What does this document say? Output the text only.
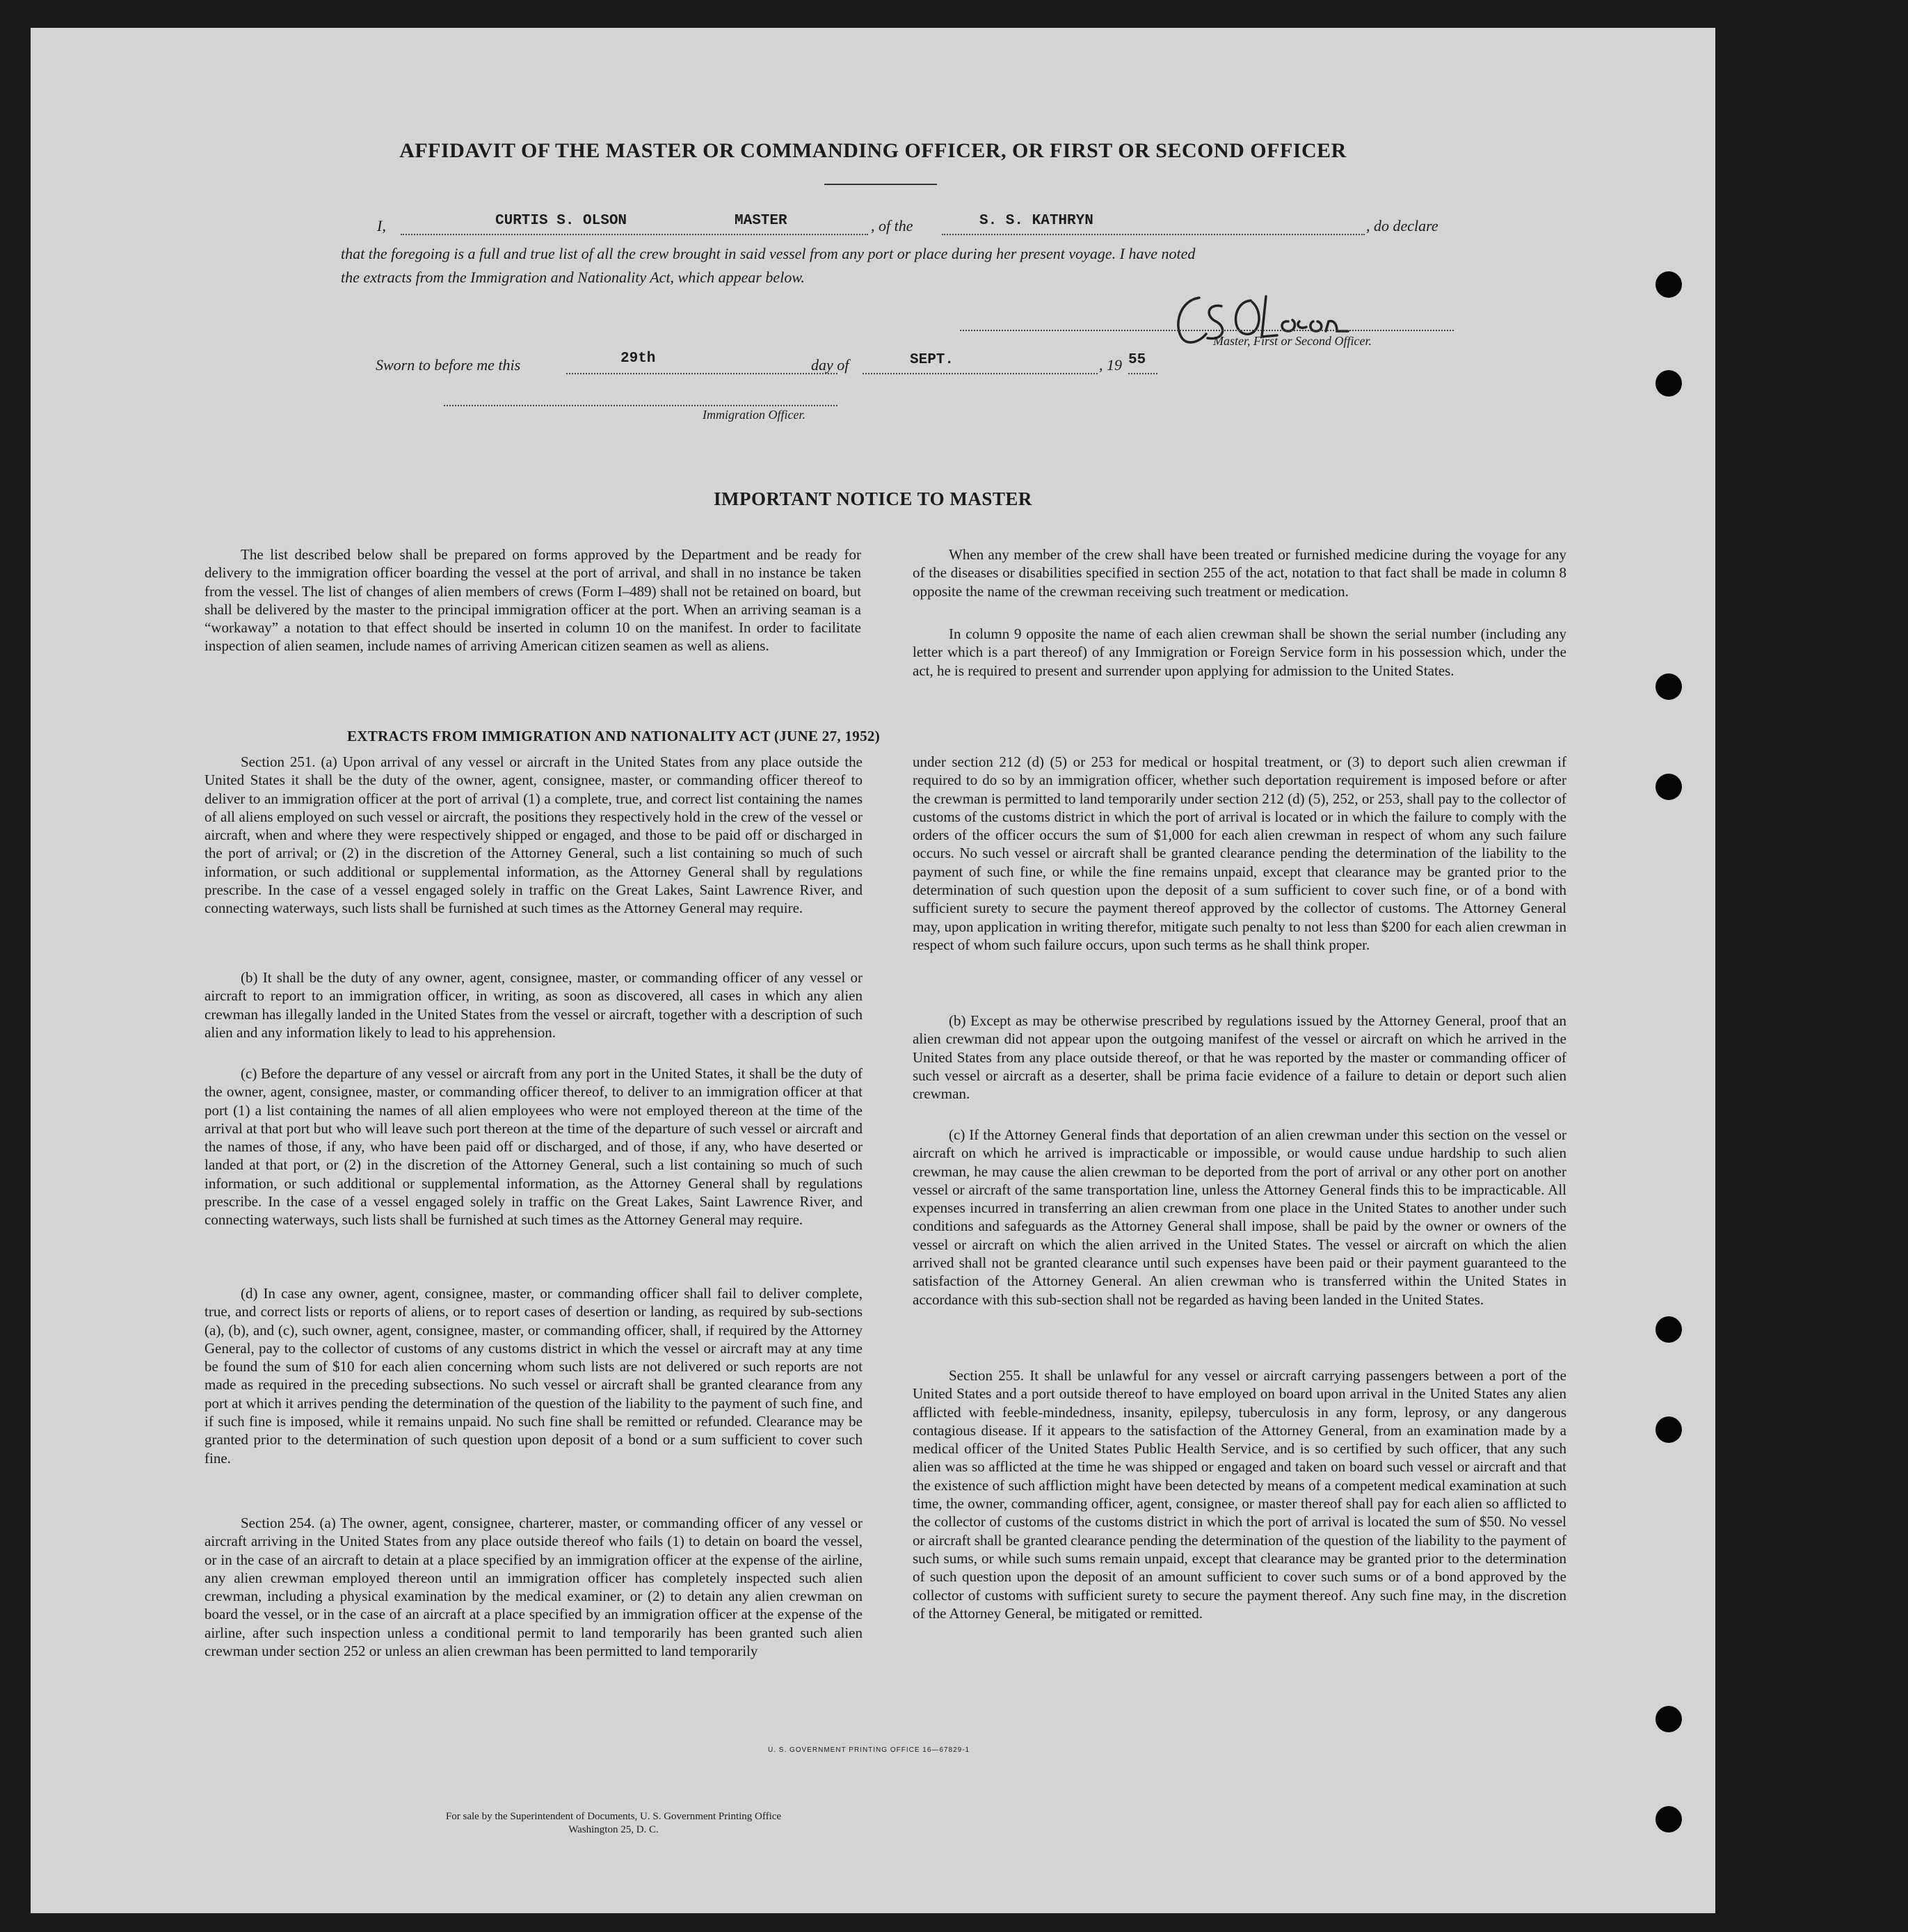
AFFIDAVIT OF THE MASTER OR COMMANDING OFFICER, OR FIRST OR SECOND OFFICER
I,	CURTIS S. OLSON	MASTER	, of the	S. S. KATHRYN	, do declare
that the foregoing is a full and true list of all the crew brought in said vessel from any port or place during her present voyage. I have noted
the extracts from the Immigration and Nationality Act, which appear below.	CSOlson
Master, First or Second Officer.
Sworn to before me this	29th	day of	SEPT.	, 19 55
Immigration Officer.
IMPORTANT NOTICE TO MASTER

The list described below shall be prepared on forms approved by the Department and be ready for delivery to the immigration officer boarding the vessel at the port of arrival, and shall in no instance be taken from the vessel. The list of changes of alien members of crews (Form I–489) shall not be retained on board, but shall be delivered by the master to the principal immigration officer at the port. When an arriving seaman is a “workaway” a notation to that effect should be inserted in column 10 on the manifest. In order to facilitate inspection of alien seamen, include names of arriving American citizen seamen as well as aliens.

When any member of the crew shall have been treated or furnished medicine during the voyage for any of the diseases or disabilities specified in section 255 of the act, notation to that fact shall be made in column 8 opposite the name of the crewman receiving such treatment or medication.

In column 9 opposite the name of each alien crewman shall be shown the serial number (including any letter which is a part thereof) of any Immigration or Foreign Service form in his possession which, under the act, he is required to present and surrender upon applying for admission to the United States.

EXTRACTS FROM IMMIGRATION AND NATIONALITY ACT (JUNE 27, 1952)

Section 251. (a) Upon arrival of any vessel or aircraft in the United States from any place outside the United States it shall be the duty of the owner, agent, consignee, master, or commanding officer thereof to deliver to an immigration officer at the port of arrival (1) a complete, true, and correct list containing the names of all aliens employed on such vessel or aircraft, the positions they respectively hold in the crew of the vessel or aircraft, when and where they were respectively shipped or engaged, and those to be paid off or discharged in the port of arrival; or (2) in the discretion of the Attorney General, such a list containing so much of such information, or such additional or supplemental information, as the Attorney General shall by regulations prescribe. In the case of a vessel engaged solely in traffic on the Great Lakes, Saint Lawrence River, and connecting waterways, such lists shall be furnished at such times as the Attorney General may require.

(b) It shall be the duty of any owner, agent, consignee, master, or commanding officer of any vessel or aircraft to report to an immigration officer, in writing, as soon as discovered, all cases in which any alien crewman has illegally landed in the United States from the vessel or aircraft, together with a description of such alien and any information likely to lead to his apprehension.

(c) Before the departure of any vessel or aircraft from any port in the United States, it shall be the duty of the owner, agent, consignee, master, or commanding officer thereof, to deliver to an immigration officer at that port (1) a list containing the names of all alien employees who were not employed thereon at the time of the arrival at that port but who will leave such port thereon at the time of the departure of such vessel or aircraft and the names of those, if any, who have been paid off or discharged, and of those, if any, who have deserted or landed at that port, or (2) in the discretion of the Attorney General, such a list containing so much of such information, or such additional or supplemental information, as the Attorney General shall by regulations prescribe. In the case of a vessel engaged solely in traffic on the Great Lakes, Saint Lawrence River, and connecting waterways, such lists shall be furnished at such times as the Attorney General may require.

(d) In case any owner, agent, consignee, master, or commanding officer shall fail to deliver complete, true, and correct lists or reports of aliens, or to report cases of desertion or landing, as required by sub-sections (a), (b), and (c), such owner, agent, consignee, master, or commanding officer, shall, if required by the Attorney General, pay to the collector of customs of any customs district in which the vessel or aircraft may at any time be found the sum of $10 for each alien concerning whom such lists are not delivered or such reports are not made as required in the preceding subsections. No such vessel or aircraft shall be granted clearance from any port at which it arrives pending the determination of the question of the liability to the payment of such fine, and if such fine is imposed, while it remains unpaid. No such fine shall be remitted or refunded. Clearance may be granted prior to the determination of such question upon deposit of a bond or a sum sufficient to cover such fine.

Section 254. (a) The owner, agent, consignee, charterer, master, or commanding officer of any vessel or aircraft arriving in the United States from any place outside thereof who fails (1) to detain on board the vessel, or in the case of an aircraft to detain at a place specified by an immigration officer at the expense of the airline, any alien crewman employed thereon until an immigration officer has completely inspected such alien crewman, including a physical examination by the medical examiner, or (2) to detain any alien crewman on board the vessel, or in the case of an aircraft at a place specified by an immigration officer at the expense of the airline, after such inspection unless a conditional permit to land temporarily has been granted such alien crewman under section 252 or unless an alien crewman has been permitted to land temporarily

under section 212 (d) (5) or 253 for medical or hospital treatment, or (3) to deport such alien crewman if required to do so by an immigration officer, whether such deportation requirement is imposed before or after the crewman is permitted to land temporarily under section 212 (d) (5), 252, or 253, shall pay to the collector of customs of the customs district in which the port of arrival is located or in which the failure to comply with the orders of the officer occurs the sum of $1,000 for each alien crewman in respect of whom any such failure occurs. No such vessel or aircraft shall be granted clearance pending the determination of the liability to the payment of such fine, or while the fine remains unpaid, except that clearance may be granted prior to the determination of such question upon the deposit of a sum sufficient to cover such fine, or of a bond with sufficient surety to secure the payment thereof approved by the collector of customs. The Attorney General may, upon application in writing therefor, mitigate such penalty to not less than $200 for each alien crewman in respect of whom such failure occurs, upon such terms as he shall think proper.

(b) Except as may be otherwise prescribed by regulations issued by the Attorney General, proof that an alien crewman did not appear upon the outgoing manifest of the vessel or aircraft on which he arrived in the United States from any place outside thereof, or that he was reported by the master or commanding officer of such vessel or aircraft as a deserter, shall be prima facie evidence of a failure to detain or deport such alien crewman.

(c) If the Attorney General finds that deportation of an alien crewman under this section on the vessel or aircraft on which he arrived is impracticable or impossible, or would cause undue hardship to such alien crewman, he may cause the alien crewman to be deported from the port of arrival or any other port on another vessel or aircraft of the same transportation line, unless the Attorney General finds this to be impracticable. All expenses incurred in transferring an alien crewman from one place in the United States to another under such conditions and safeguards as the Attorney General shall impose, shall be paid by the owner or owners of the vessel or aircraft on which the alien arrived in the United States. The vessel or aircraft on which the alien arrived shall not be granted clearance until such expenses have been paid or their payment guaranteed to the satisfaction of the Attorney General. An alien crewman who is transferred within the United States in accordance with this sub-section shall not be regarded as having been landed in the United States.

Section 255. It shall be unlawful for any vessel or aircraft carrying passengers between a port of the United States and a port outside thereof to have employed on board upon arrival in the United States any alien afflicted with feeble-mindedness, insanity, epilepsy, tuberculosis in any form, leprosy, or any dangerous contagious disease. If it appears to the satisfaction of the Attorney General, from an examination made by a medical officer of the United States Public Health Service, and is so certified by such officer, that any such alien was so afflicted at the time he was shipped or engaged and taken on board such vessel or aircraft and that the existence of such affliction might have been detected by means of a competent medical examination at such time, the owner, commanding officer, agent, consignee, or master thereof shall pay for each alien so afflicted to the collector of customs of the customs district in which the port of arrival is located the sum of $50. No vessel or aircraft shall be granted clearance pending the determination of the question of the liability to the payment of such sums, or while such sums remain unpaid, except that clearance may be granted prior to the determination of such question upon the deposit of an amount sufficient to cover such sums or of a bond approved by the collector of customs with sufficient surety to secure the payment thereof. Any such fine may, in the discretion of the Attorney General, be mitigated or remitted.

U. S. GOVERNMENT PRINTING OFFICE 16—67829-1
For sale by the Superintendent of Documents, U. S. Government Printing Office
Washington 25, D. C.
